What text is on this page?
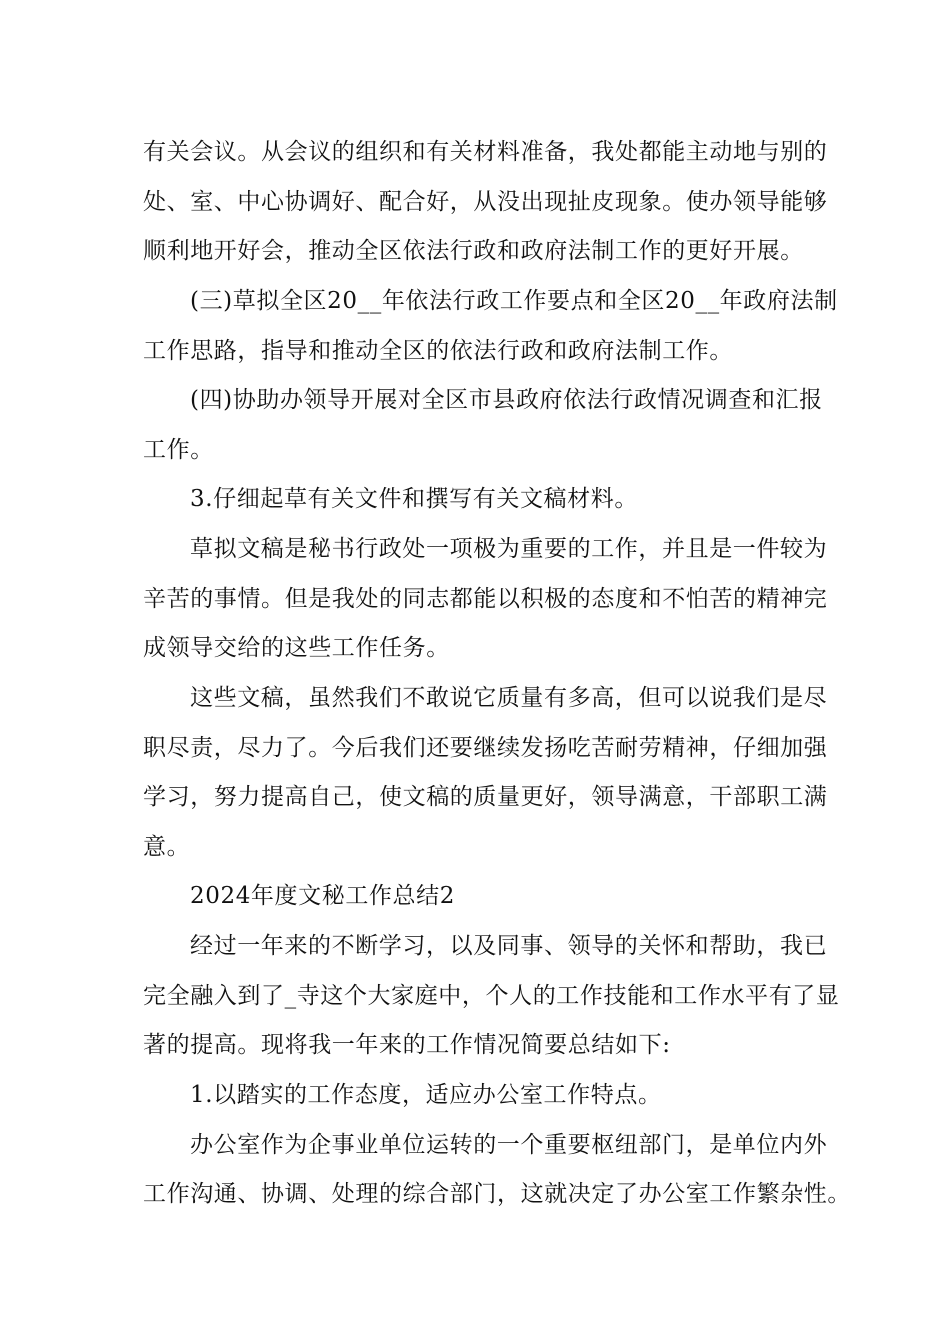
有关会议。从会议的组织和有关材料准备，我处都能主动地与别的
处、室、中心协调好、配合好，从没出现扯皮现象。使办领导能够
顺利地开好会，推动全区依法行政和政府法制工作的更好开展。
(三)草拟全区20__年依法行政工作要点和全区20__年政府法制
工作思路，指导和推动全区的依法行政和政府法制工作。
(四)协助办领导开展对全区市县政府依法行政情况调查和汇报
工作。
3.仔细起草有关文件和撰写有关文稿材料。
草拟文稿是秘书行政处一项极为重要的工作，并且是一件较为
辛苦的事情。但是我处的同志都能以积极的态度和不怕苦的精神完
成领导交给的这些工作任务。
这些文稿，虽然我们不敢说它质量有多高，但可以说我们是尽
职尽责，尽力了。今后我们还要继续发扬吃苦耐劳精神，仔细加强
学习，努力提高自己，使文稿的质量更好，领导满意，干部职工满
意。
2024年度文秘工作总结2
经过一年来的不断学习，以及同事、领导的关怀和帮助，我已
完全融入到了_寺这个大家庭中，个人的工作技能和工作水平有了显
著的提高。现将我一年来的工作情况简要总结如下:
1.以踏实的工作态度，适应办公室工作特点。
办公室作为企事业单位运转的一个重要枢纽部门，是单位内外
工作沟通、协调、处理的综合部门，这就决定了办公室工作繁杂性。
